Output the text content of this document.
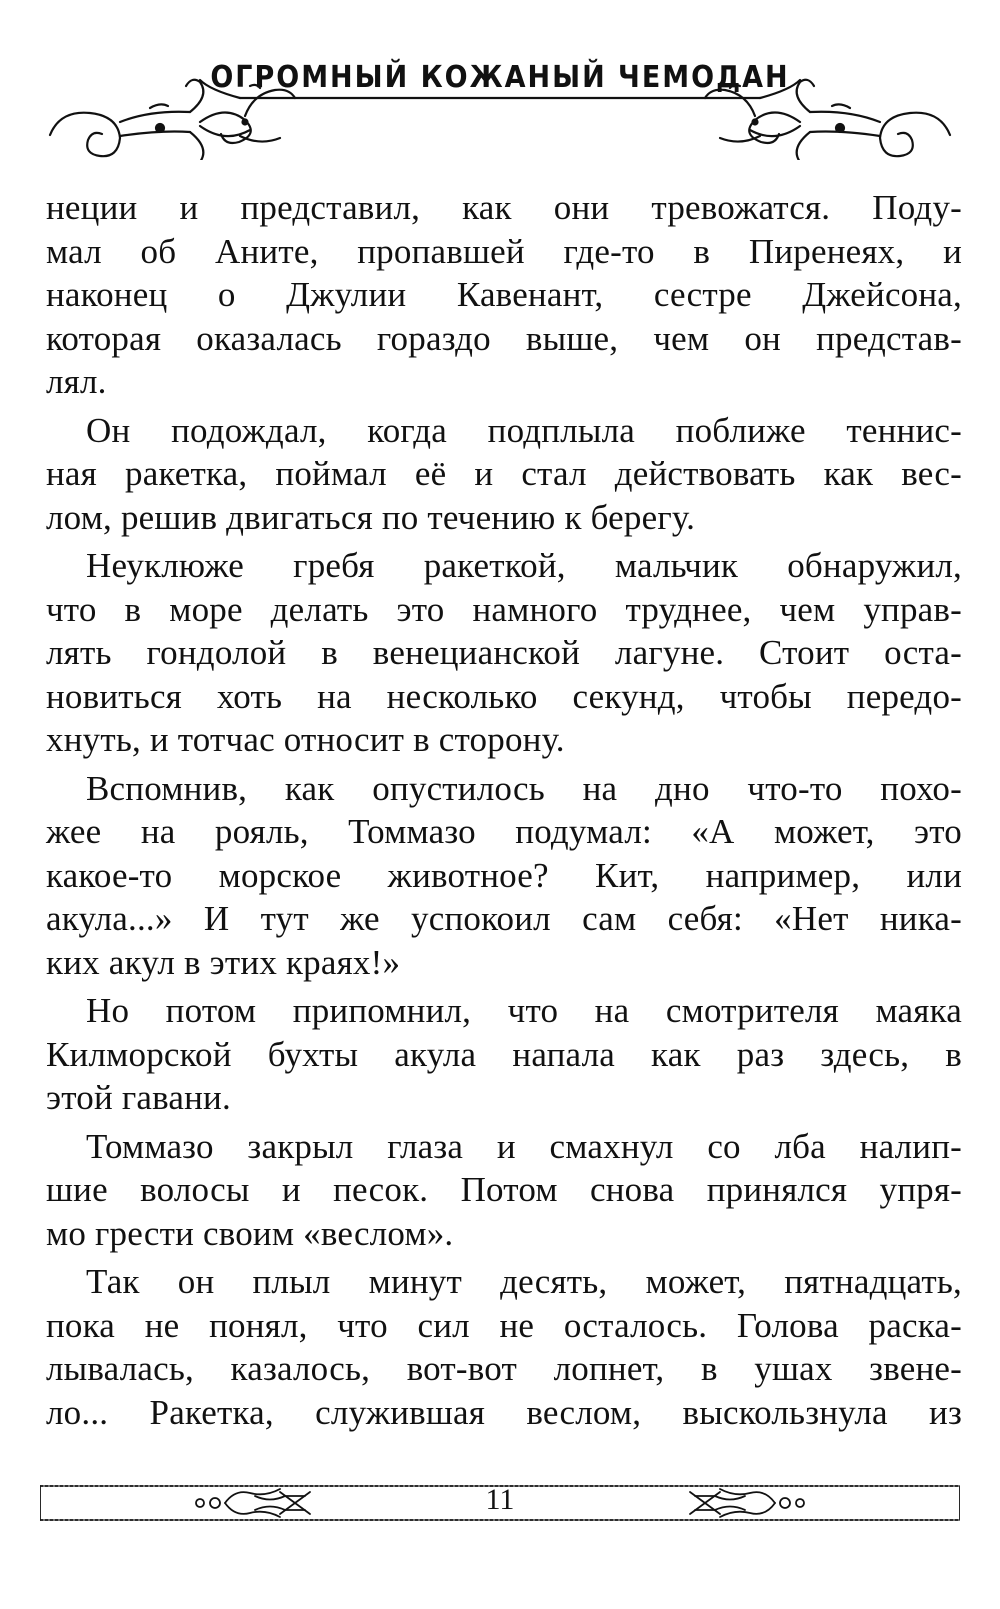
ОГРОМНЫЙ КОЖАНЫЙ ЧЕМОДАН
неции и представил, как они тревожатся. Поду-
мал об Аните, пропавшей где-то в Пиренеях, и
наконец о Джулии Кавенант, сестре Джейсона,
которая оказалась гораздо выше, чем он представ-
лял.
Он подождал, когда подплыла поближе теннис-
ная ракетка, поймал её и стал действовать как вес-
лом, решив двигаться по течению к берегу.
Неуклюже гребя ракеткой, мальчик обнаружил,
что в море делать это намного труднее, чем управ-
лять гондолой в венецианской лагуне. Стоит оста-
новиться хоть на несколько секунд, чтобы передо-
хнуть, и тотчас относит в сторону.
Вспомнив, как опустилось на дно что-то похо-
жее на рояль, Томмазо подумал: «А может, это
какое-то морское животное? Кит, например, или
акула...» И тут же успокоил сам себя: «Нет ника-
ких акул в этих краях!»
Но потом припомнил, что на смотрителя маяка
Килморской бухты акула напала как раз здесь, в
этой гавани.
Томмазо закрыл глаза и смахнул со лба налип-
шие волосы и песок. Потом снова принялся упря-
мо грести своим «веслом».
Так он плыл минут десять, может, пятнадцать,
пока не понял, что сил не осталось. Голова раска-
лывалась, казалось, вот-вот лопнет, в ушах звене-
ло... Ракетка, служившая веслом, выскользнула из
11
